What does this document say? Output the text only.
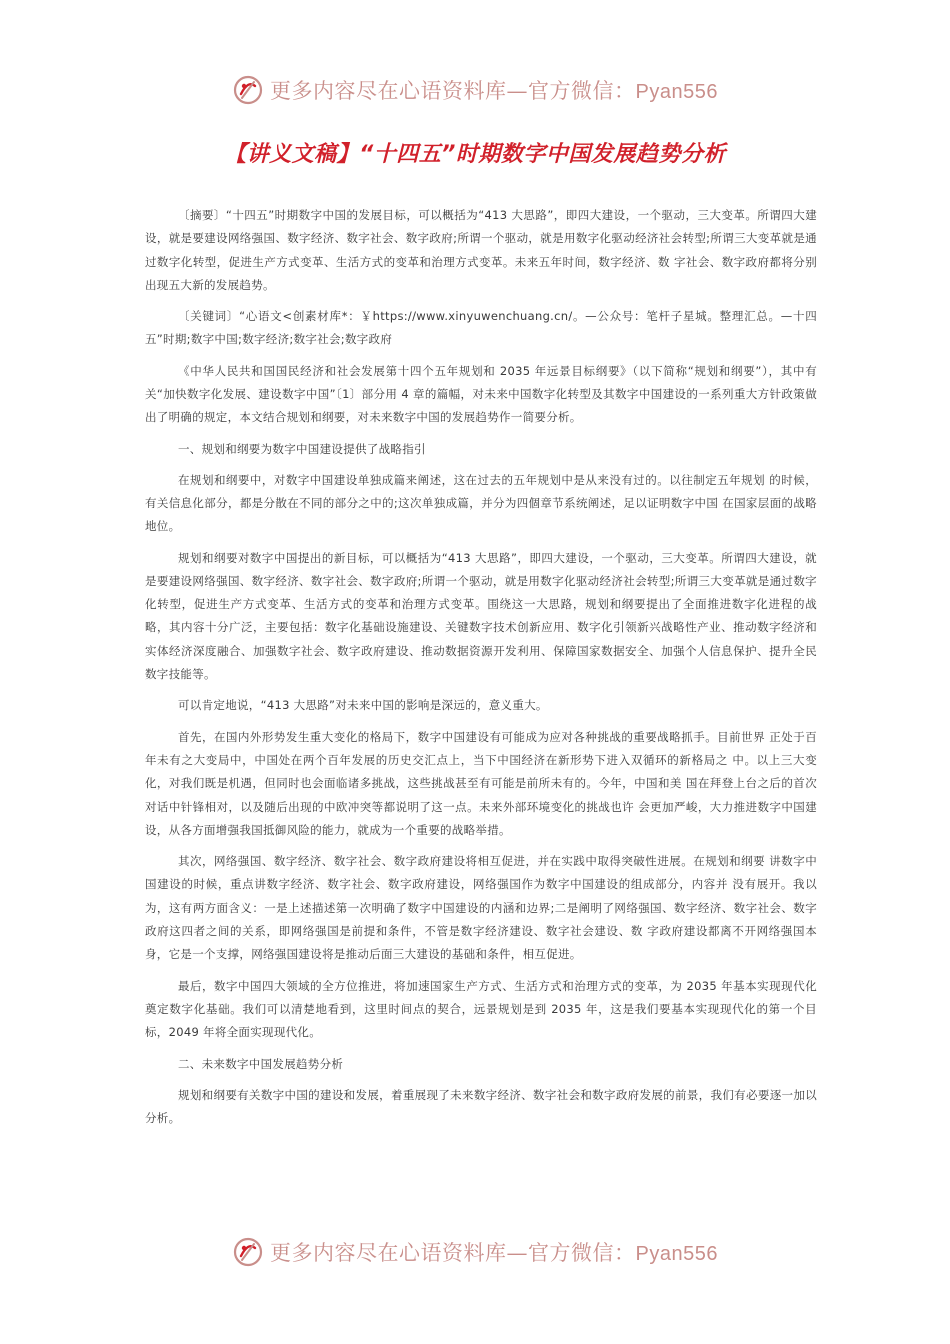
更多内容尽在心语资料库—官方微信：Pyan556
【讲义文稿】“十四五”时期数字中国发展趋势分析

〔摘要〕“十四五”时期数字中国的发展目标，可以概括为“413 大思路”，即四大建设，一个驱动，三大变革。所谓四大建设，就是要建设网络强国、数字经济、数字社会、数字政府;所谓一个驱动，就是用数字化驱动经济社会转型;所谓三大变革就是通过数字化转型，促进生产方式变革、生活方式的变革和治理方式变革。未来五年时间，数字经济、数 字社会、数字政府都将分别出现五大新的发展趋势。

〔关键词〕“心语文<创素材库*：￥https://www.xinyuwenchuang.cn/。—公众号：笔杆子星城。整理汇总。—十四五”时期;数字中国;数字经济;数字社会;数字政府

《中华人民共和国国民经济和社会发展第十四个五年规划和 2035 年远景目标纲要》（以下简称“规划和纲要”），其中有关“加快数字化发展、建设数字中国”〔1〕部分用 4 章的篇幅，对未来中国数字化转型及其数字中国建设的一系列重大方针政策做出了明确的规定，本文结合规划和纲要，对未来数字中国的发展趋势作一简要分析。

一、规划和纲要为数字中国建设提供了战略指引

在规划和纲要中，对数字中国建设单独成篇来阐述，这在过去的五年规划中是从来没有过的。以往制定五年规划 的时候，有关信息化部分，都是分散在不同的部分之中的;这次单独成篇，并分为四個章节系统阐述，足以证明数字中国 在国家层面的战略地位。

规划和纲要对数字中国提出的新目标，可以概括为“413 大思路”，即四大建设，一个驱动，三大变革。所谓四大建设，就是要建设网络强国、数字经济、数字社会、数字政府;所谓一个驱动，就是用数字化驱动经济社会转型;所谓三大变革就是通过数字化转型，促进生产方式变革、生活方式的变革和治理方式变革。围绕这一大思路，规划和纲要提出了全面推进数字化进程的战略，其内容十分广泛，主要包括：数字化基础设施建设、关键数字技术创新应用、数字化引领新兴战略性产业、推动数字经济和实体经济深度融合、加强数字社会、数字政府建设、推动数据资源开发利用、保障国家数据安全、加强个人信息保护、提升全民数字技能等。

可以肯定地说，“413 大思路”对未来中国的影响是深远的，意义重大。

首先，在国内外形势发生重大变化的格局下，数字中国建设有可能成为应对各种挑战的重要战略抓手。目前世界 正处于百年未有之大变局中，中国处在两个百年发展的历史交汇点上，当下中国经济在新形势下进入双循环的新格局之 中。以上三大变化，对我们既是机遇，但同时也会面临诸多挑战，这些挑战甚至有可能是前所未有的。今年，中国和美 国在拜登上台之后的首次对话中针锋相对，以及随后出现的中欧冲突等都说明了这一点。未来外部环境变化的挑战也许 会更加严峻，大力推进数字中国建设，从各方面增强我国抵御风险的能力，就成为一个重要的战略举措。

其次，网络强国、数字经济、数字社会、数字政府建设将相互促进，并在实践中取得突破性进展。在规划和纲要 讲数字中国建设的时候，重点讲数字经济、数字社会、数字政府建设，网络强国作为数字中国建设的组成部分，内容并 没有展开。我以为，这有两方面含义：一是上述描述第一次明确了数字中国建设的内涵和边界;二是阐明了网络强国、数字经济、数字社会、数字政府这四者之间的关系，即网络强国是前提和条件，不管是数字经济建设、数字社会建设、数 字政府建设都离不开网络强国本身，它是一个支撑，网络强国建设将是推动后面三大建设的基础和条件，相互促进。

最后，数字中国四大领域的全方位推进，将加速国家生产方式、生活方式和治理方式的变革，为 2035 年基本实现现代化奠定数字化基础。我们可以清楚地看到，这里时间点的契合，远景规划是到 2035 年，这是我们要基本实现现代化的第一个目标，2049 年将全面实现现代化。

二、未来数字中国发展趋势分析

规划和纲要有关数字中国的建设和发展，着重展现了未来数字经济、数字社会和数字政府发展的前景，我们有必要逐一加以分析。

更多内容尽在心语资料库—官方微信：Pyan556
